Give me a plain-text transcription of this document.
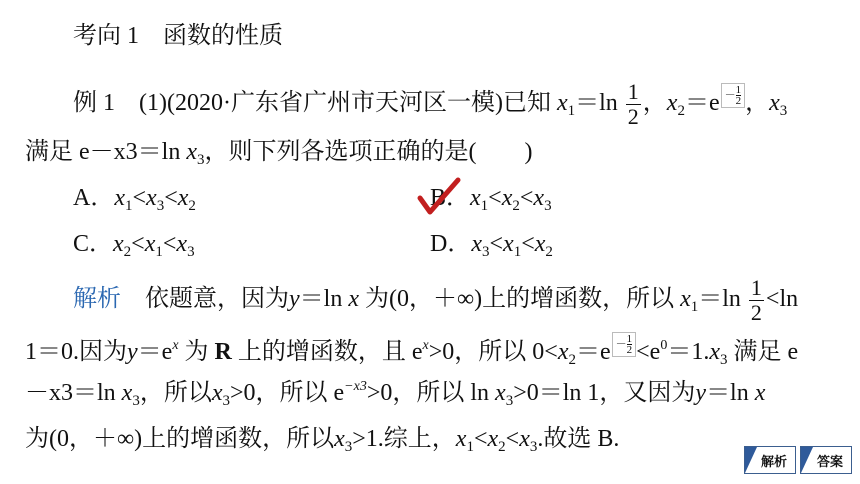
考向 1　函数的性质
例 1　(1)(2020·广东省广州市天河区一模)已知 $x_1=\ln \frac{1}{2}$ ，$x_2=e - \frac{1}{2}$ ，$x_3$
满足 e－x3＝ln $x_3$，则下列各选项正确的是(　　)
A．$x_1<x_3<x_2$	B．$x_1<x_2<x_3$
C．$x_2<x_1<x_3$	D．$x_3<x_1<x_2$
解析　 依题意，因为y＝ln x 为(0，＋∞)上的增函数，所以 $x_1=\ln \frac{1}{2} <\ln$
1＝0.因为$y=e^x$ 为 R 上的增函数，且 $e^x>0$，所以 $0<x_2=e - \frac{1}{2} <e^0=1.x_3$ 满足 e
－x3＝ln $x_3$，所以$x_3>0$，所以 $e^{-x3}>0$，所以 $\ln x_3>0=\ln$ 1，又因为y＝ln x
为(0，＋∞)上的增函数，所以$x_3>1$.综上，$x_1<x_2<x_3$.故选 B.
解析 答案
